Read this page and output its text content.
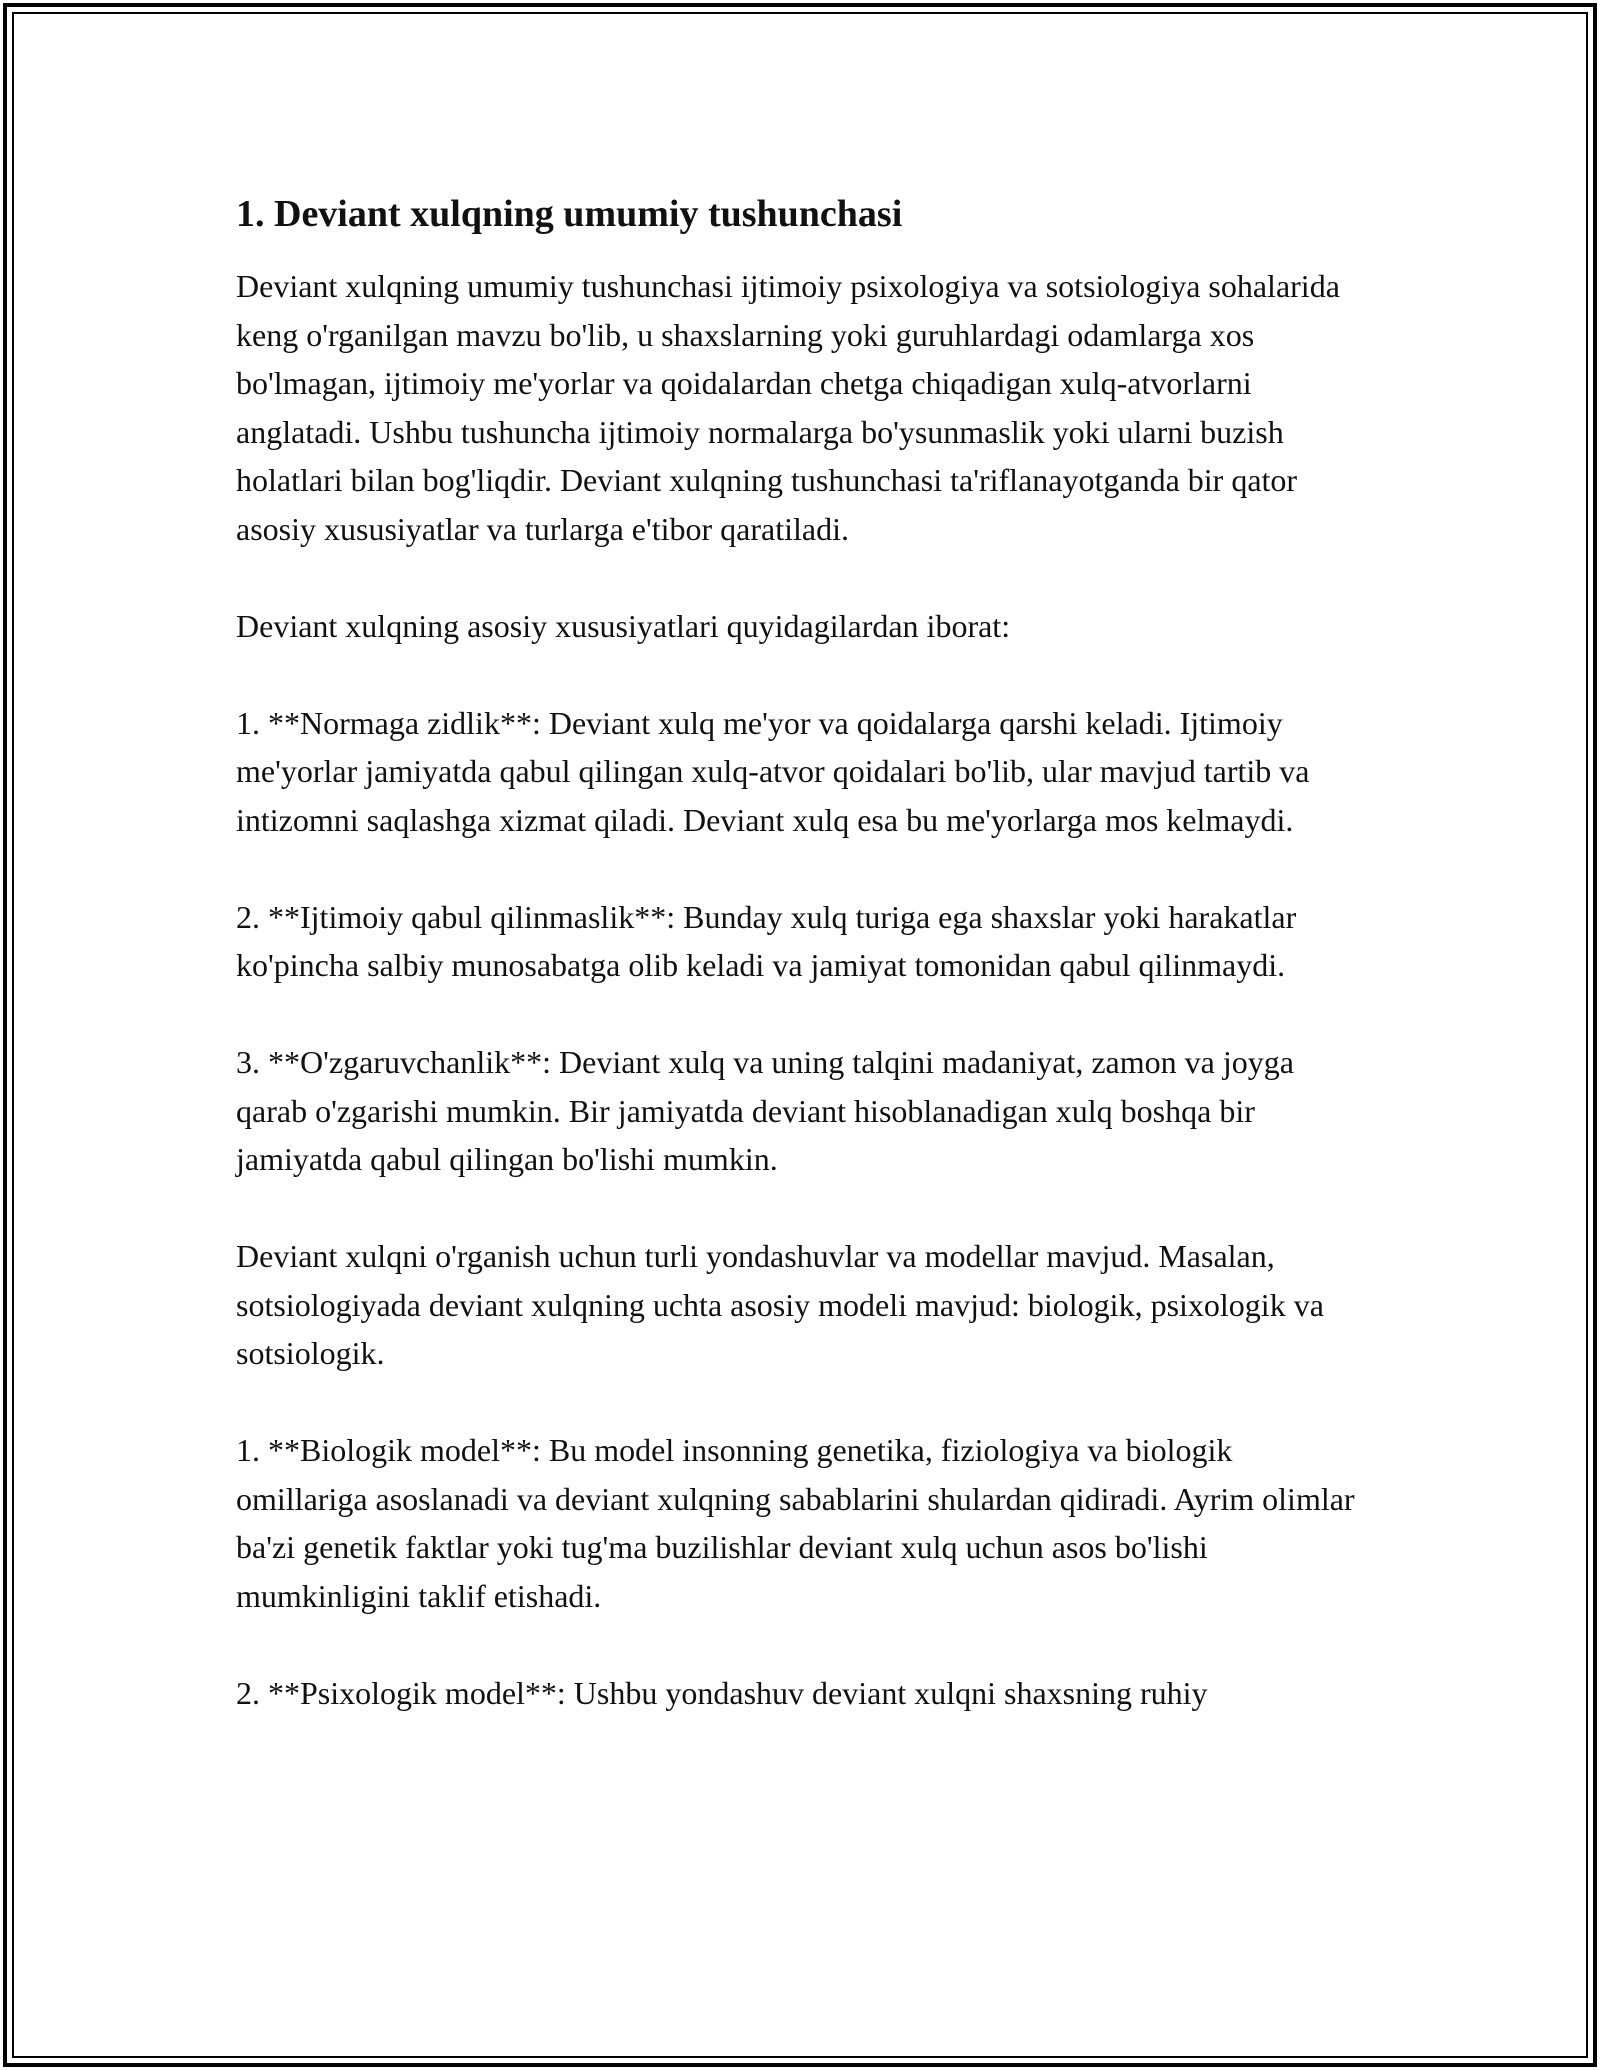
1. Deviant xulqning umumiy tushunchasi

Deviant xulqning umumiy tushunchasi ijtimoiy psixologiya va sotsiologiya sohalarida keng o'rganilgan mavzu bo'lib, u shaxslarning yoki guruhlardagi odamlarga xos bo'lmagan, ijtimoiy me'yorlar va qoidalardan chetga chiqadigan xulq-atvorlarni anglatadi. Ushbu tushuncha ijtimoiy normalarga bo'ysunmaslik yoki ularni buzish holatlari bilan bog'liqdir. Deviant xulqning tushunchasi ta'riflanayotganda bir qator asosiy xususiyatlar va turlarga e'tibor qaratiladi.

Deviant xulqning asosiy xususiyatlari quyidagilardan iborat:

1. **Normaga zidlik**: Deviant xulq me'yor va qoidalarga qarshi keladi. Ijtimoiy me'yorlar jamiyatda qabul qilingan xulq-atvor qoidalari bo'lib, ular mavjud tartib va intizomni saqlashga xizmat qiladi. Deviant xulq esa bu me'yorlarga mos kelmaydi.

2. **Ijtimoiy qabul qilinmaslik**: Bunday xulq turiga ega shaxslar yoki harakatlar ko'pincha salbiy munosabatga olib keladi va jamiyat tomonidan qabul qilinmaydi.

3. **O'zgaruvchanlik**: Deviant xulq va uning talqini madaniyat, zamon va joyga qarab o'zgarishi mumkin. Bir jamiyatda deviant hisoblanadigan xulq boshqa bir jamiyatda qabul qilingan bo'lishi mumkin.

Deviant xulqni o'rganish uchun turli yondashuvlar va modellar mavjud. Masalan, sotsiologiyada deviant xulqning uchta asosiy modeli mavjud: biologik, psixologik va sotsiologik.

1. **Biologik model**: Bu model insonning genetika, fiziologiya va biologik omillariga asoslanadi va deviant xulqning sabablarini shulardan qidiradi. Ayrim olimlar ba'zi genetik faktlar yoki tug'ma buzilishlar deviant xulq uchun asos bo'lishi mumkinligini taklif etishadi.

2. **Psixologik model**: Ushbu yondashuv deviant xulqni shaxsning ruhiy
